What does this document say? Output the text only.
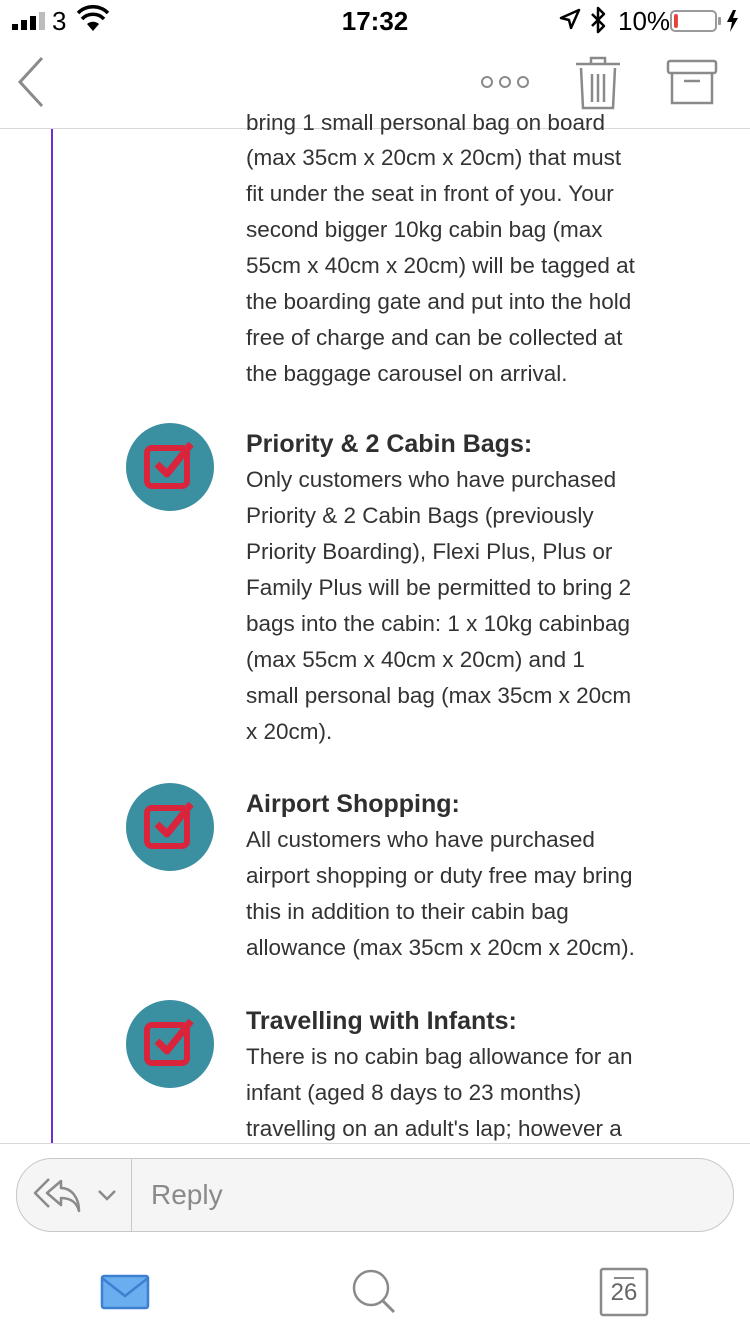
3	17:32	10%
bring 1 small personal bag on board

(max 35cm x 20cm x 20cm) that must

fit under the seat in front of you. Your

second bigger 10kg cabin bag (max

55cm x 40cm x 20cm) will be tagged at

the boarding gate and put into the hold

free of charge and can be collected at

the baggage carousel on arrival.

Priority & 2 Cabin Bags:

Only customers who have purchased

Priority & 2 Cabin Bags (previously

Priority Boarding), Flexi Plus, Plus or

Family Plus will be permitted to bring 2

bags into the cabin: 1 x 10kg cabinbag

(max 55cm x 40cm x 20cm) and 1

small personal bag (max 35cm x 20cm

x 20cm).

Airport Shopping:

All customers who have purchased

airport shopping or duty free may bring

this in addition to their cabin bag

allowance (max 35cm x 20cm x 20cm).

Travelling with Infants:

There is no cabin bag allowance for an

infant (aged 8 days to 23 months)

travelling on an adult's lap; however a

Reply
26
